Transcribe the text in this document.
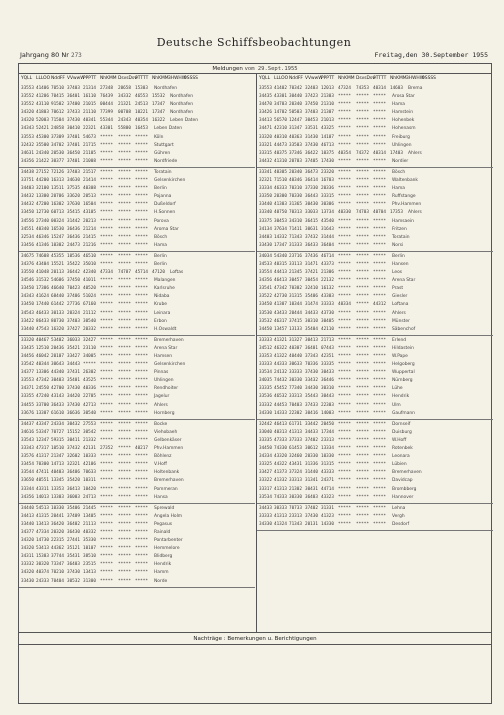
Deutsche Schiffsbeobachtungen
Jahrgang 80 Nr 273	Freitag,den 30.September 1955
Meldungen vom 29.Sept.1955
YQLL LLLOO NddFF VVwwW
PPPTT NhKMM DsvsDsv
9TTTT NhKMM 3HWHW
0SSSS
33553 41406 70510 37403 21314 27348	20658 15303	Nordhafen
33552 41206 70415 36401 16110 76439	34332 46553 15532	Nordhafen
33552 43110 91502 37400 21015 00444	21321 24513 17347	Nordhafen
34320 41803 70612 37433 21110 77399	00708 10221 17347	Nordhafen
34320 52003 71504 37430 40341 55344	24343 40354 16322	Leben Daten
34343 52421 24858 30410 22321 43301	55800 16453	Leben Daten
33553 45300 37309 37401 54673 *****	***** *****	Köln
32432 35500 34702 37401 21715 *****	***** *****	Stuttgart
34631 24340 20530 36450 21105 *****	***** *****	Gühren
34356 21422 30377 37401 21008 *****	***** *****	Nordfriede
34438 27152 72126 37403 21517 *****	***** *****	Toratain
33751 44200 16313 34630 21414 *****	***** *****	Gelsenkirchen
34403 32100 13511 37535 40308 *****	***** *****	Berlin
34432 13300 20706 33620 20513 *****	***** *****	Pojanna
34432 47200 16302 37630 16504 *****	***** *****	Dußeldorf
33450 12730 60713 35415 43105 *****	***** *****	H.Sonnen
34556 27340 00324 31442 20213 *****	***** *****	Porova
34551 40340 16530 36436 21214 *****	***** *****	Aroma Star
32534 46346 15247 36436 21415 *****	***** *****	Bösch
33456 41346 10302 24473 21216 *****	***** *****	Hama
34675 74608 45355 10536 46510 *****	***** *****	Berlin
34376 43404 15521 35422 35010 *****	***** *****	Berlin
33550 41048 20113 36442 42340 47334	74787 45714 47120	Loftas
34546 31532 54606 37450 41011 *****	***** *****	Malangen
33450 17306 46640 70423 40520 *****	***** *****	Karlsruhe
34343 41624 68440 37406 51024 *****	***** *****	Nidaba
33450 17440 61442 27736 67160 *****	***** *****	Krube
34543 46433 30133 20324 21112 *****	***** *****	Leinara
33422 86433 80730 37403 30540 *****	***** *****	Erbon
33440 47543 16320 37427 20332 *****	***** *****	H.Oswaldt
33320 40467 53402 36033 32427 *****	***** *****	Bremerhaven
33435 12510 20436 35421 23110 *****	***** *****	Arena Star
34456 46042 20107 33427 34005 *****	***** *****	Hamsen
33542 40344 30643 34443 ***** *****	***** *****	Gelsenkirchen
34377 13306 44340 37431 26302 *****	***** *****	Pinnas
33553 47342 30403 35401 43525 *****	***** *****	Uhlingen
34371 24550 42700 37430 40336 *****	***** *****	Rendhoiter
33355 47240 43143 34420 22705 *****	***** *****	Jagelur
34455 33700 36433 37430 42713 *****	***** *****	Ahlers
33676 13307 61610 36636 30540 *****	***** *****	Hornberg
34437 43347 24334 30432 27553 *****	***** *****	Bocke
34616 53347 70727 15152 30542 *****	***** *****	Viehobaeh
33543 12347 59315 30411 21332 *****	***** *****	Gelbenkäser
33343 47317 10510 37432 42131 27352	***** 40217	Phv.Hammen
33576 41317 21347 32602 10333 *****	***** *****	Böhlenz
33454 70300 14713 32321 42106 *****	***** *****	V.Hoff
33544 47411 40403 36406 70633 *****	***** *****	Holtenbank
33650 40551 13345 35420 10311 *****	***** *****	Bremerhaven
33344 43311 13353 36413 10420 *****	***** *****	Pommeran
34356 14013 13303 36003 24713 *****	***** *****	Hansa
34440 54513 10330 35406 21445 *****	***** *****	Sprewald
34413 41315 20441 37409 13405 *****	***** *****	Angela Holm
33440 13413 36420 36402 21113 *****	***** *****	Pegasus
34377 47334 20320 36430 40332 *****	***** *****	Rainald
34320 14730 22315 27441 35330 *****	***** *****	Pontarbenter
34320 53413 44362 35121 10107 *****	***** *****	Hemmelore
34311 15303 37744 35431 38510 *****	***** *****	Blidberg
33332 30320 73347 36403 23515 *****	***** *****	Hendrik
34320 40374 70210 37430 13413 *****	***** *****	Hamm
33430 24333 70404 30532 31300 *****	***** *****	Norde
YQLL LLLOO NddFF VVwwW
PPPTT NhKMM DsvsDsv
9TTTT NhKMM 3HWHW
0SSSS
33553 41402 70342 32403 12013 47324	74353 40314 14603	Brema
34435 43301 30440 37423 21303 *****	***** *****	Arosa Star
34470 34703 20340 37450 21310 *****	***** *****	Hama
33426 14702 50503 37403 21307 *****	***** *****	Hamstein
34413 56570 12447 30453 21013 *****	***** *****	Hohenbek
34471 42310 31347 33531 43325 *****	***** *****	Hohenasm
33320 40310 40363 31430 14107 *****	***** *****	Freiburg
33321 44473 33503 37430 46713 *****	***** *****	Uhlingen
33315 40375 37346 36422 10375 40354	74372 40314 17403	Ahlers
34432 41310 20703 37405 17430 *****	***** *****	Nordier
33341 40305 20340 36473 23320 *****	***** *****	Bösch
32321 71510 40346 36414 16703 *****	***** *****	Waltenbank
33334 46333 70310 37330 20336 *****	***** *****	Hama
33350 20300 70330 36443 33315 *****	***** *****	Ruffstange
33440 41303 31365 30430 30306 *****	***** *****	Phv.Hammen
33340 40750 70313 33033 13734 40330	74703 40704 17353	Ahlers
33375 30453 34310 36415 43540 *****	***** *****	Hamsaein
34134 37634 71411 30631 31643 *****	***** *****	Fritzen
34403 14332 71343 37432 31444 *****	***** *****	Toratain
33430 17347 31333 36433 36404 *****	***** *****	Norsi
34034 54340 23716 37436 46714 *****	***** *****	Berlin
34533 40315 33113 31471 43373 *****	***** *****	Hansen
33554 44413 21345 37421 21306 *****	***** *****	Leos
34356 46413 30457 30454 22132 *****	***** *****	Arena Star
33541 47342 70302 32410 16132 *****	***** *****	Prast
33522 42730 31315 35406 43303 *****	***** *****	Giesler
33450 41307 10344 31474 33333 40334	***** 44312	Loftana
33530 43433 20444 34433 43730 *****	***** *****	Ahlers
33532 46317 37415 30310 30405 *****	***** *****	Münster
34450 13457 13133 35404 42110 *****	***** *****	Säbenchof
33333 41321 31327 30413 21713 *****	***** *****	Erlend
34512 46322 40307 36401 07443 *****	***** *****	Hildastein
33353 41322 40440 37343 42351 *****	***** *****	W.Pape
33333 44333 30633 70336 33335 *****	***** *****	Helgoberg
33534 24132 33333 37430 30433 *****	***** *****	Wuppertal
34035 74432 30330 33432 36446 *****	***** *****	Nürnberg
33335 45452 77340 34430 30310 *****	***** *****	Lühe
33536 46532 33313 35443 30443 *****	***** *****	Hendrik
33332 44453 70403 37433 22303 *****	***** *****	Ulm
34330 14333 22302 30416 14003 *****	***** *****	Gaufmann
32442 46413 61731 33442 20450 *****	***** *****	Dornseif
33040 40313 41313 34433 17344 *****	***** *****	Duisburg
33335 47333 37333 37402 23313 *****	***** *****	W.Hoff
34450 74330 61453 30612 13334 *****	***** *****	Rotenbek
34334 43320 32460 20330 10330 *****	***** *****	Leonara
33325 44322 43431 31336 31315 *****	***** *****	Lübien
33427 41373 37324 31440 43333 *****	***** *****	Bremerhaven
33322 41332 33313 31341 24371 *****	***** *****	Davidcap
33317 41313 21302 30431 44714 *****	***** *****	Brombberg
33534 74333 30330 36403 43323 *****	***** *****	Hannover
34433 30333 70733 37402 31331 *****	***** *****	Lehna
33333 41313 23313 37430 41323 *****	***** *****	Vergh
34330 41324 71343 20131 14330 *****	***** *****	Desdorf
Nachträge : Bemerkungen u. Berichtigungen
